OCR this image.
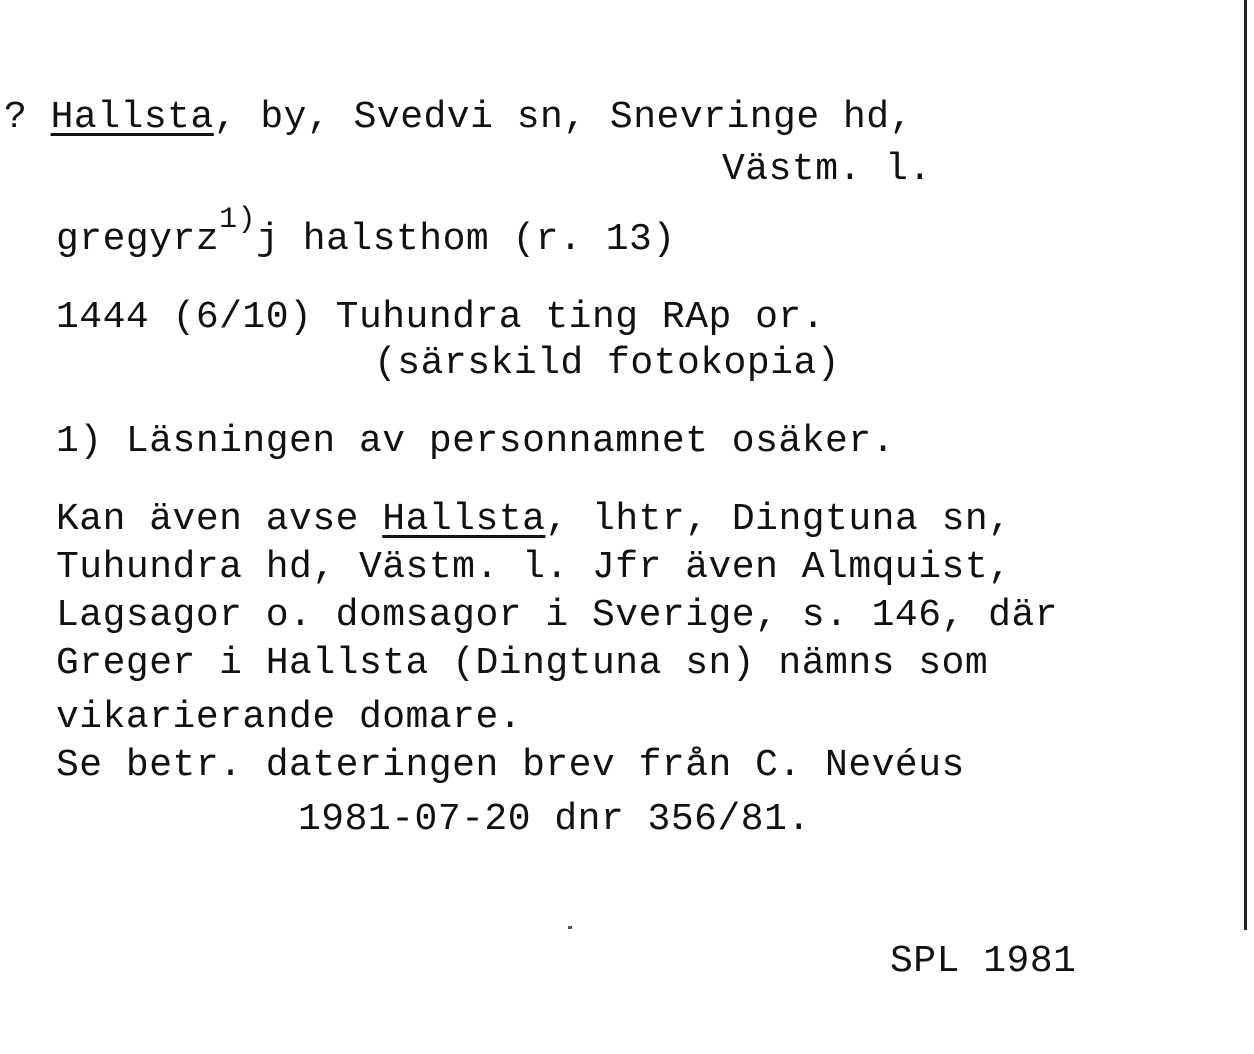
? Hallsta, by, Svedvi sn, Snevringe hd,
Västm. l.
gregyrz$^{1)}$j halsthom (r. 13)
1444 (6/10) Tuhundra ting RAp or.
(särskild fotokopia)
1) Läsningen av personnamnet osäker.
Kan även avse Hallsta, lhtr, Dingtuna sn,
Tuhundra hd, Västm. l. Jfr även Almquist,
Lagsagor o. domsagor i Sverige, s. 146, där
Greger i Hallsta (Dingtuna sn) nämns som
vikarierande domare.
Se betr. dateringen brev från C. Nevéus
1981-07-20 dnr 356/81.
SPL 1981
